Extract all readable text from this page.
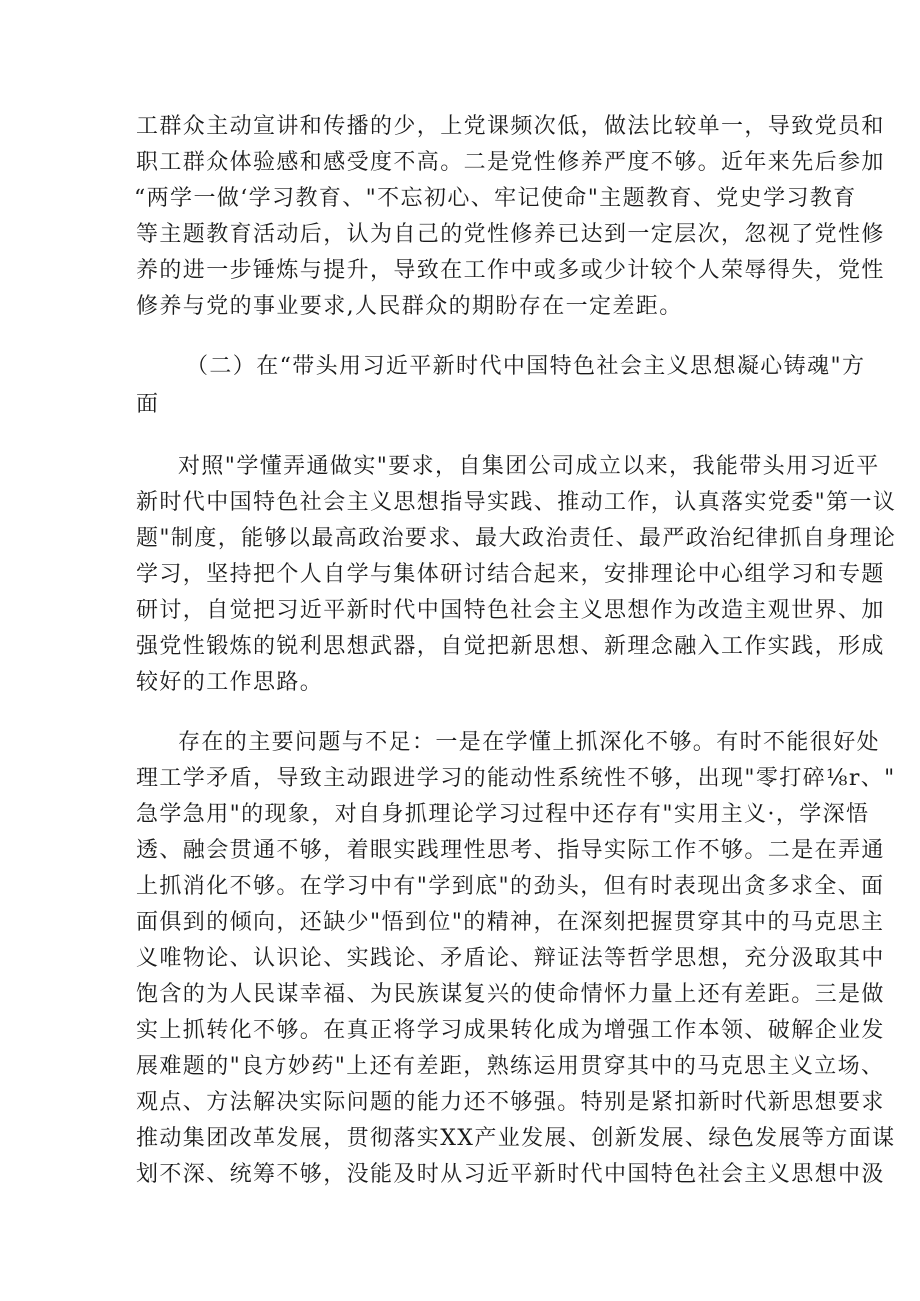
工群众主动宣讲和传播的少，上党课频次低，做法比较单一，导致党员和

职工群众体验感和感受度不高。二是党性修养严度不够。近年来先后参加

“两学一做‘学习教育、"不忘初心、牢记使命"主题教育、党史学习教育

等主题教育活动后，认为自己的党性修养已达到一定层次，忽视了党性修

养的进一步锤炼与提升，导致在工作中或多或少计较个人荣辱得失，党性

修养与党的事业要求,人民群众的期盼存在一定差距。

（二）在“带头用习近平新时代中国特色社会主义思想凝心铸魂"方

面

对照"学懂弄通做实"要求，自集团公司成立以来，我能带头用习近平

新时代中国特色社会主义思想指导实践、推动工作，认真落实党委"第一议

题"制度，能够以最高政治要求、最大政治责任、最严政治纪律抓自身理论

学习，坚持把个人自学与集体研讨结合起来，安排理论中心组学习和专题

研讨，自觉把习近平新时代中国特色社会主义思想作为改造主观世界、加

强党性锻炼的锐利思想武器，自觉把新思想、新理念融入工作实践，形成

较好的工作思路。

存在的主要问题与不足：一是在学懂上抓深化不够。有时不能很好处

理工学矛盾，导致主动跟进学习的能动性系统性不够，出现"零打碎⅛r、"

急学急用"的现象，对自身抓理论学习过程中还存有"实用主义·，学深悟

透、融会贯通不够，着眼实践理性思考、指导实际工作不够。二是在弄通

上抓消化不够。在学习中有"学到底"的劲头，但有时表现出贪多求全、面

面俱到的倾向，还缺少"悟到位"的精神，在深刻把握贯穿其中的马克思主

义唯物论、认识论、实践论、矛盾论、辩证法等哲学思想，充分汲取其中

饱含的为人民谋幸福、为民族谋复兴的使命情怀力量上还有差距。三是做

实上抓转化不够。在真正将学习成果转化成为增强工作本领、破解企业发

展难题的"良方妙药"上还有差距，熟练运用贯穿其中的马克思主义立场、

观点、方法解决实际问题的能力还不够强。特别是紧扣新时代新思想要求

推动集团改革发展，贯彻落实XX产业发展、创新发展、绿色发展等方面谋

划不深、统筹不够，没能及时从习近平新时代中国特色社会主义思想中汲
